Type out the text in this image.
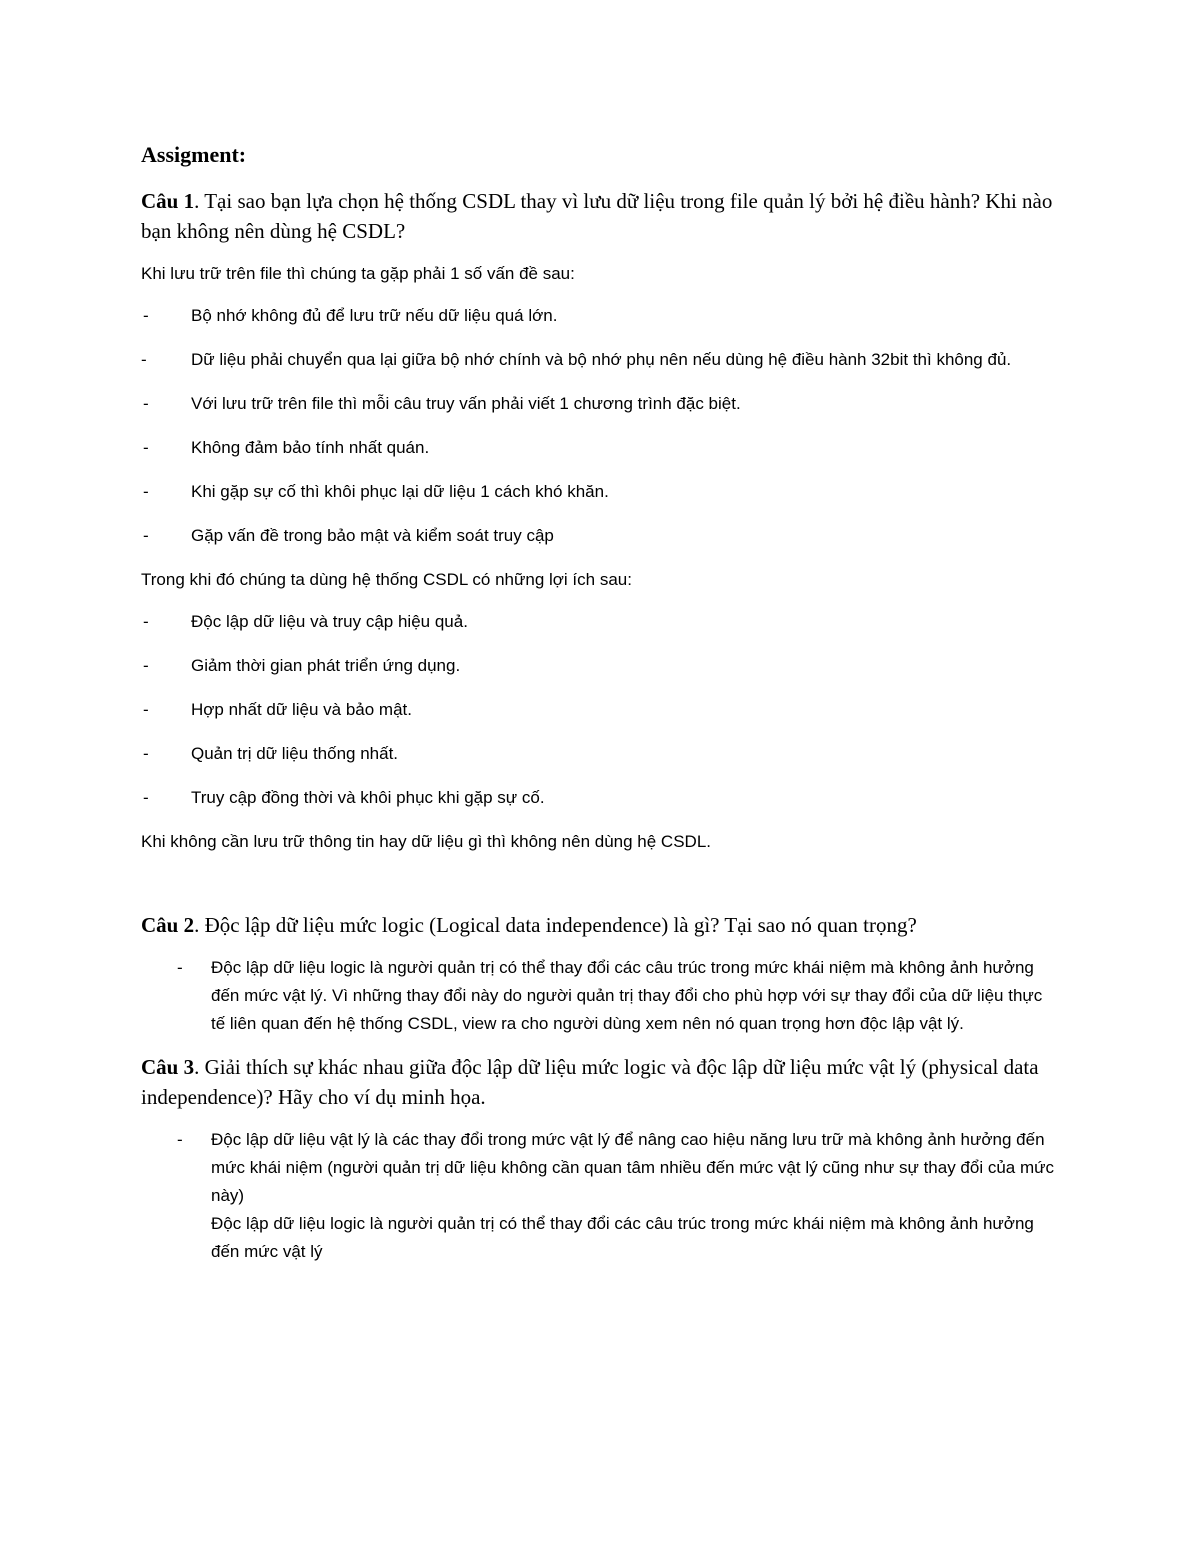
Assigment:
Câu 1. Tại sao bạn lựa chọn hệ thống CSDL thay vì lưu dữ liệu trong file quản lý bởi hệ điều hành? Khi nào bạn không nên dùng hệ CSDL?
Khi lưu trữ trên file thì chúng ta gặp phải 1 số vấn đề sau:
- Bộ nhớ không đủ để lưu trữ nếu dữ liệu quá lớn.
-	Dữ liệu phải chuyển qua lại giữa bộ nhớ chính và bộ nhớ phụ nên nếu dùng hệ điều hành 32bit thì không đủ.
- Với lưu trữ trên file thì mỗi câu truy vấn phải viết 1 chương trình đặc biệt.
- Không đảm bảo tính nhất quán.
- Khi gặp sự cố thì khôi phục lại dữ liệu 1 cách khó khăn.
- Gặp vấn đề trong bảo mật và kiểm soát truy cập
Trong khi đó chúng ta dùng hệ thống CSDL có những lợi ích sau:
- Độc lập dữ liệu và truy cập hiệu quả.
- Giảm thời gian phát triển ứng dụng.
- Hợp nhất dữ liệu và bảo mật.
- Quản trị dữ liệu thống nhất.
- Truy cập đồng thời và khôi phục khi gặp sự cố.
Khi không cần lưu trữ thông tin hay dữ liệu gì thì không nên dùng hệ CSDL.
Câu 2. Độc lập dữ liệu mức logic (Logical data independence) là gì? Tại sao nó quan trọng?
- Độc lập dữ liệu logic là người quản trị có thể thay đổi các câu trúc trong mức khái niệm mà không ảnh hưởng đến mức vật lý. Vì những thay đổi này do người quản trị thay đổi cho phù hợp với sự thay đổi của dữ liệu thực tế liên quan đến hệ thống CSDL, view ra cho người dùng xem nên nó quan trọng hơn độc lập vật lý.
Câu 3. Giải thích sự khác nhau giữa độc lập dữ liệu mức logic và độc lập dữ liệu mức vật lý (physical data independence)? Hãy cho ví dụ minh họa.
- Độc lập dữ liệu vật lý là các thay đổi trong mức vật lý để nâng cao hiệu năng lưu trữ mà không ảnh hưởng đến mức khái niệm (người quản trị dữ liệu không cần quan tâm nhiều đến mức vật lý cũng như sự thay đổi của mức này)
Độc lập dữ liệu logic là người quản trị có thể thay đổi các câu trúc trong mức khái niệm mà không ảnh hưởng đến mức vật lý
